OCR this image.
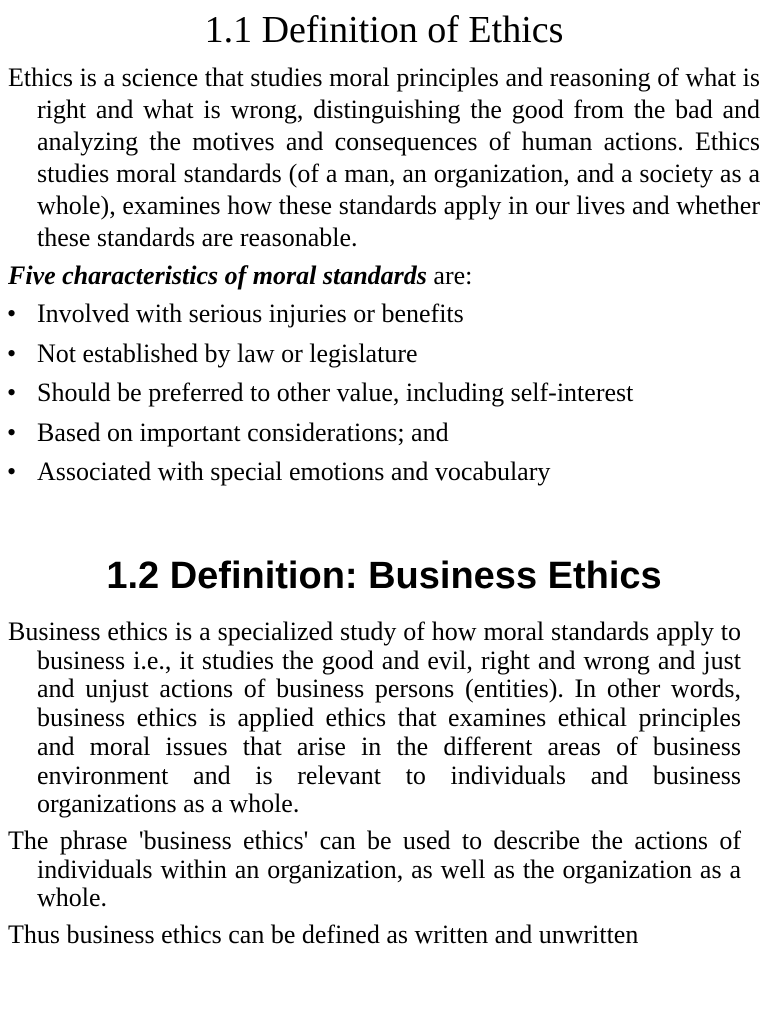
1.1 Definition of Ethics

Ethics is a science that studies moral principles and reasoning of what is right and what is wrong, distinguishing the good from the bad and analyzing the motives and consequences of human actions. Ethics studies moral standards (of a man, an organization, and a society as a whole), examines how these standards apply in our lives and whether these standards are reasonable.

Five characteristics of moral standards are:

• Involved with serious injuries or benefits
• Not established by law or legislature
• Should be preferred to other value, including self-interest
• Based on important considerations; and
• Associated with special emotions and vocabulary
1.2 Definition: Business Ethics

Business ethics is a specialized study of how moral standards apply to business i.e., it studies the good and evil, right and wrong and just and unjust actions of business persons (entities). In other words, business ethics is applied ethics that examines ethical principles and moral issues that arise in the different areas of business environment and is relevant to individuals and business organizations as a whole.

The phrase 'business ethics' can be used to describe the actions of individuals within an organization, as well as the organization as a whole.

Thus business ethics can be defined as written and unwritten
